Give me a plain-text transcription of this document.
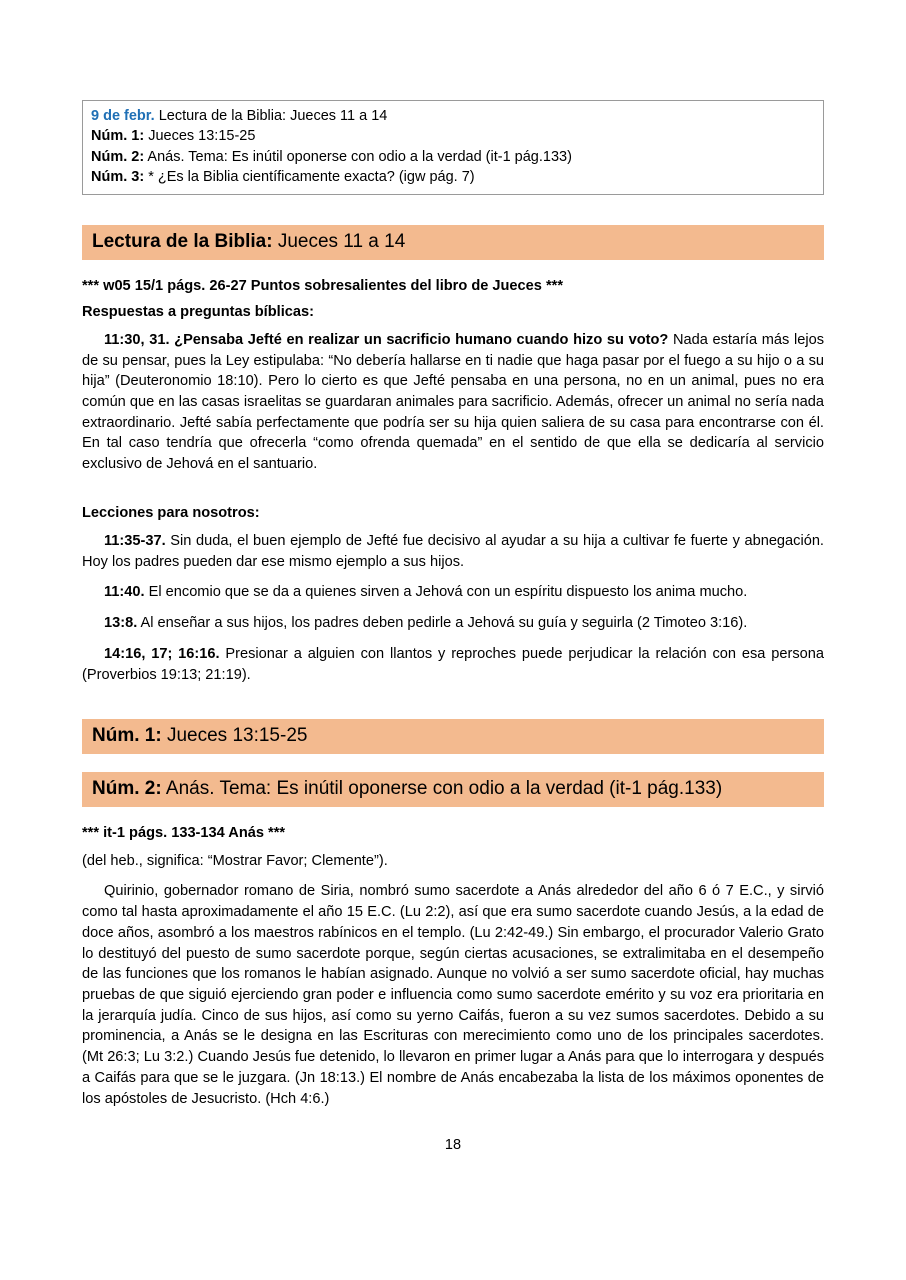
9 de febr. Lectura de la Biblia: Jueces 11 a 14

Núm. 1: Jueces 13:15-25

Núm. 2: Anás. Tema: Es inútil oponerse con odio a la verdad (it-1 pág.133)

Núm. 3: * ¿Es la Biblia científicamente exacta? (igw pág. 7)

Lectura de la Biblia: Jueces 11 a 14

*** w05 15/1 págs. 26-27 Puntos sobresalientes del libro de Jueces ***

Respuestas a preguntas bíblicas:

11:30, 31. ¿Pensaba Jefté en realizar un sacrificio humano cuando hizo su voto? Nada estaría más lejos de su pensar, pues la Ley estipulaba: “No debería hallarse en ti nadie que haga pasar por el fuego a su hijo o a su hija” (Deuteronomio 18:10). Pero lo cierto es que Jefté pensaba en una persona, no en un animal, pues no era común que en las casas israelitas se guardaran animales para sacrificio. Además, ofrecer un animal no sería nada extraordinario. Jefté sabía perfectamente que podría ser su hija quien saliera de su casa para encontrarse con él. En tal caso tendría que ofrecerla “como ofrenda quemada” en el sentido de que ella se dedicaría al servicio exclusivo de Jehová en el santuario.

Lecciones para nosotros:

11:35-37. Sin duda, el buen ejemplo de Jefté fue decisivo al ayudar a su hija a cultivar fe fuerte y abnegación. Hoy los padres pueden dar ese mismo ejemplo a sus hijos.

11:40. El encomio que se da a quienes sirven a Jehová con un espíritu dispuesto los anima mucho.

13:8. Al enseñar a sus hijos, los padres deben pedirle a Jehová su guía y seguirla (2 Timoteo 3:16).

14:16, 17; 16:16. Presionar a alguien con llantos y reproches puede perjudicar la relación con esa persona (Proverbios 19:13; 21:19).

Núm. 1: Jueces 13:15-25
Núm. 2: Anás. Tema: Es inútil oponerse con odio a la verdad (it-1 pág.133)

*** it-1 págs. 133-134 Anás ***

(del heb., significa: “Mostrar Favor; Clemente”).

Quirinio, gobernador romano de Siria, nombró sumo sacerdote a Anás alrededor del año 6 ó 7 E.C., y sirvió como tal hasta aproximadamente el año 15 E.C. (Lu 2:2), así que era sumo sacerdote cuando Jesús, a la edad de doce años, asombró a los maestros rabínicos en el templo. (Lu 2:42-49.) Sin embargo, el procurador Valerio Grato lo destituyó del puesto de sumo sacerdote porque, según ciertas acusaciones, se extralimitaba en el desempeño de las funciones que los romanos le habían asignado. Aunque no volvió a ser sumo sacerdote oficial, hay muchas pruebas de que siguió ejerciendo gran poder e influencia como sumo sacerdote emérito y su voz era prioritaria en la jerarquía judía. Cinco de sus hijos, así como su yerno Caifás, fueron a su vez sumos sacerdotes. Debido a su prominencia, a Anás se le designa en las Escrituras con merecimiento como uno de los principales sacerdotes. (Mt 26:3; Lu 3:2.) Cuando Jesús fue detenido, lo llevaron en primer lugar a Anás para que lo interrogara y después a Caifás para que se le juzgara. (Jn 18:13.) El nombre de Anás encabezaba la lista de los máximos oponentes de los apóstoles de Jesucristo. (Hch 4:6.)

18
